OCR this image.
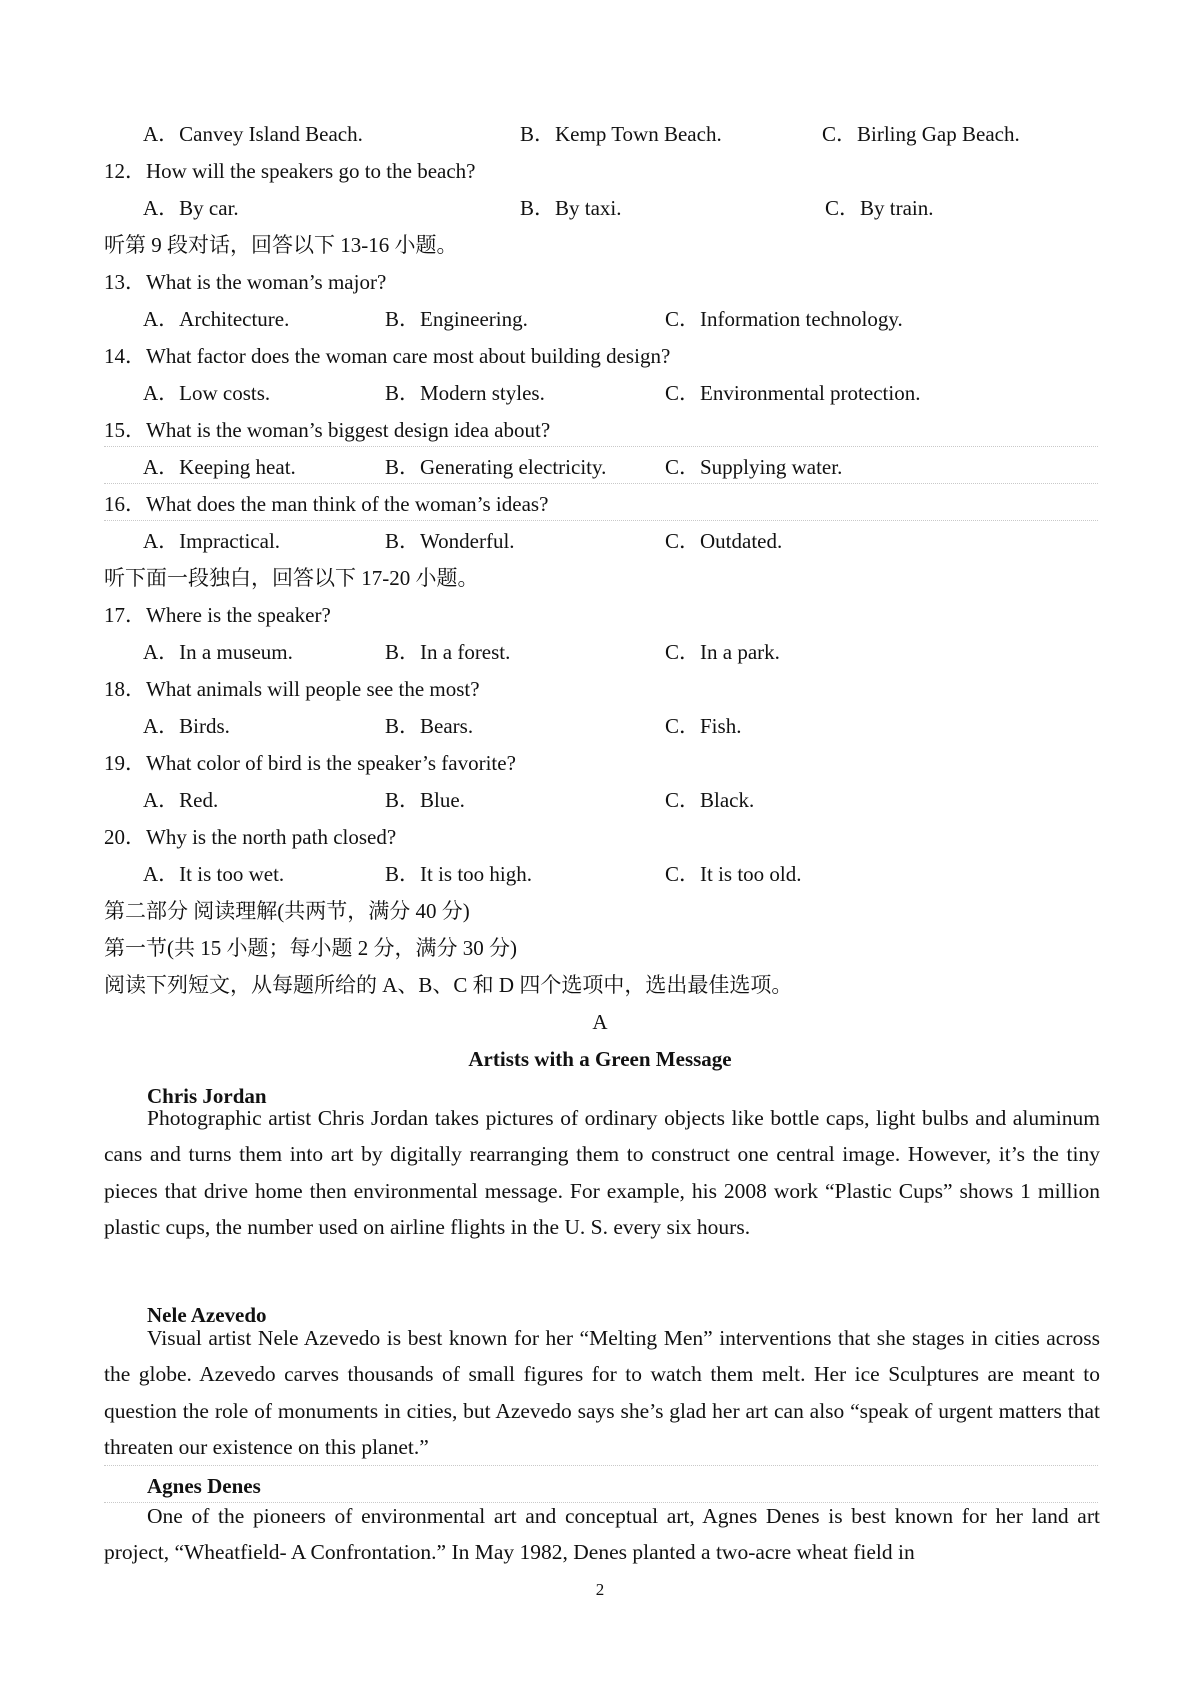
A．Canvey Island Beach.	B．Kemp Town Beach.	C．Birling Gap Beach.
12．How will the speakers go to the beach?
A．By car.	B．By taxi.	C．By train.
听第 9 段对话，回答以下 13-16 小题。
13．What is the woman’s major?
A．Architecture.	B．Engineering.	C．Information technology.
14．What factor does the woman care most about building design?
A．Low costs.	B．Modern styles.	C．Environmental protection.
15．What is the woman’s biggest design idea about?
A．Keeping heat.	B．Generating electricity.	C．Supplying water.
16．What does the man think of the woman’s ideas?
A．Impractical.	B．Wonderful.	C．Outdated.
听下面一段独白，回答以下 17-20 小题。
17．Where is the speaker?
A．In a museum.	B．In a forest.	C．In a park.
18．What animals will people see the most?
A．Birds.	B．Bears.	C．Fish.
19．What color of bird is the speaker’s favorite?
A．Red.	B．Blue.	C．Black.
20．Why is the north path closed?
A．It is too wet.	B．It is too high.	C．It is too old.
第二部分 阅读理解(共两节，满分 40 分)
第一节(共 15 小题；每小题 2 分，满分 30 分)
阅读下列短文，从每题所给的 A、B、C 和 D 四个选项中，选出最佳选项。
A
Artists with a Green Message
Chris Jordan

Photographic artist Chris Jordan takes pictures of ordinary objects like bottle caps, light bulbs and aluminum cans and turns them into art by digitally rearranging them to construct one central image. However, it’s the tiny pieces that drive home then environmental message. For example, his 2008 work “Plastic Cups” shows 1 million plastic cups, the number used on airline flights in the U. S. every six hours.

Nele Azevedo

Visual artist Nele Azevedo is best known for her “Melting Men” interventions that she stages in cities across the globe. Azevedo carves thousands of small figures for to watch them melt. Her ice Sculptures are meant to question the role of monuments in cities, but Azevedo says she’s glad her art can also “speak of urgent matters that threaten our existence on this planet.”

Agnes Denes

One of the pioneers of environmental art and conceptual art, Agnes Denes is best known for her land art project, “Wheatfield- A Confrontation.” In May 1982, Denes planted a two-acre wheat field in

2
